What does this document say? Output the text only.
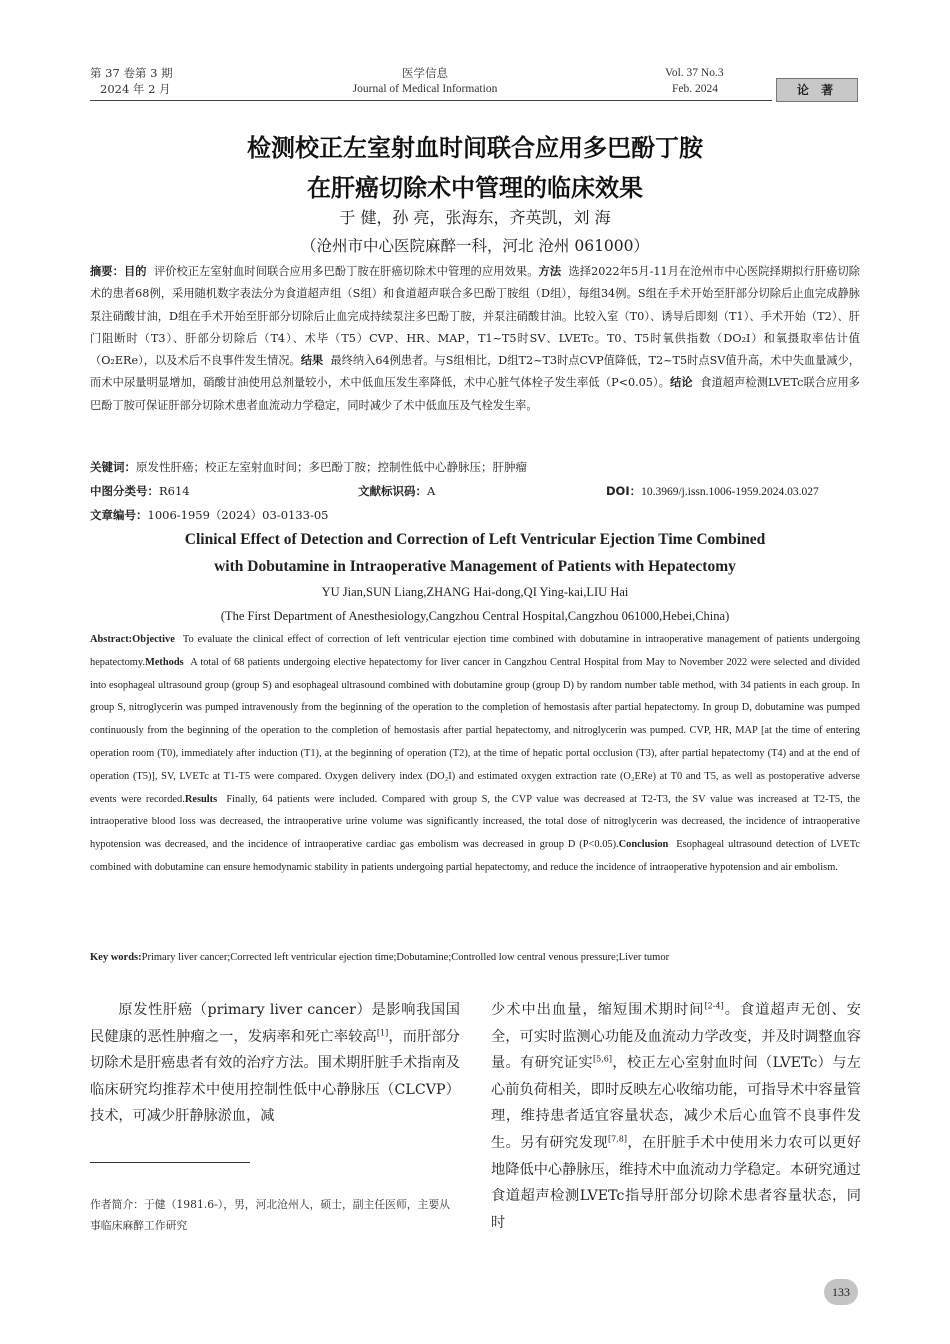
第 37 卷第 3 期
2024 年 2 月
医学信息
Journal of Medical Information
Vol. 37 No.3
Feb. 2024	论 著
检测校正左室射血时间联合应用多巴酚丁胺
在肝癌切除术中管理的临床效果
于 健，孙 亮，张海东，齐英凯，刘 海
（沧州市中心医院麻醉一科，河北 沧州 061000）

摘要：目的 评价校正左室射血时间联合应用多巴酚丁胺在肝癌切除术中管理的应用效果。方法 选择2022年5月-11月在沧州市中心医院择期拟行肝癌切除术的患者68例，采用随机数字表法分为食道超声组（S组）和食道超声联合多巴酚丁胺组（D组），每组34例。S组在手术开始至肝部分切除后止血完成静脉泵注硝酸甘油，D组在手术开始至肝部分切除后止血完成持续泵注多巴酚丁胺，并泵注硝酸甘油。比较入室（T0）、诱导后即刻（T1）、手术开始（T2）、肝门阻断时（T3）、肝部分切除后（T4）、术毕（T5）CVP、HR、MAP，T1~T5时SV、LVETc。T0、T5时氧供指数（DO₂I）和氧摄取率估计值（O₂ERe），以及术后不良事件发生情况。结果 最终纳入64例患者。与S组相比，D组T2~T3时点CVP值降低，T2~T5时点SV值升高，术中失血量减少，而术中尿量明显增加，硝酸甘油使用总剂量较小，术中低血压发生率降低，术中心脏气体栓子发生率低（P<0.05）。结论 食道超声检测LVETc联合应用多巴酚丁胺可保证肝部分切除术患者血流动力学稳定，同时减少了术中低血压及气栓发生率。

关键词：原发性肝癌；校正左室射血时间；多巴酚丁胺；控制性低中心静脉压；肝肿瘤
中图分类号：R614	文献标识码：A	DOI：10.3969/j.issn.1006-1959.2024.03.027
文章编号：1006-1959（2024）03-0133-05
Clinical Effect of Detection and Correction of Left Ventricular Ejection Time Combined
with Dobutamine in Intraoperative Management of Patients with Hepatectomy
YU Jian,SUN Liang,ZHANG Hai-dong,QI Ying-kai,LIU Hai
(The First Department of Anesthesiology,Cangzhou Central Hospital,Cangzhou 061000,Hebei,China)
Abstract:Objective To evaluate the clinical effect of correction of left ventricular ejection time combined with dobutamine in intraoperative management of patients undergoing hepatectomy.Methods A total of 68 patients undergoing elective hepatectomy for liver cancer in Cangzhou Central Hospital from May to November 2022 were selected and divided into esophageal ultrasound group (group S) and esophageal ultrasound combined with dobutamine group (group D) by random number table method, with 34 patients in each group. In group S, nitroglycerin was pumped intravenously from the beginning of the operation to the completion of hemostasis after partial hepatectomy. In group D, dobutamine was pumped continuously from the beginning of the operation to the completion of hemostasis after partial hepatectomy, and nitroglycerin was pumped. CVP, HR, MAP [at the time of entering operation room (T0), immediately after induction (T1), at the beginning of operation (T2), at the time of hepatic portal occlusion (T3), after partial hepatectomy (T4) and at the end of operation (T5)], SV, LVETc at T1-T5 were compared. Oxygen delivery index (DO₂I) and estimated oxygen extraction rate (O₂ERe) at T0 and T5, as well as postoperative adverse events were recorded.Results Finally, 64 patients were included. Compared with group S, the CVP value was decreased at T2-T3, the SV value was increased at T2-T5, the intraoperative blood loss was decreased, the intraoperative urine volume was significantly increased, the total dose of nitroglycerin was decreased, the incidence of intraoperative hypotension was decreased, and the incidence of intraoperative cardiac gas embolism was decreased in group D (P<0.05).Conclusion Esophageal ultrasound detection of LVETc combined with dobutamine can ensure hemodynamic stability in patients undergoing partial hepatectomy, and reduce the incidence of intraoperative hypotension and air embolism.
Key words:Primary liver cancer;Corrected left ventricular ejection time;Dobutamine;Controlled low central venous pressure;Liver tumor

原发性肝癌（primary liver cancer）是影响我国国民健康的恶性肿瘤之一，发病率和死亡率较高[1]，而肝部分切除术是肝癌患者有效的治疗方法。围术期肝脏手术指南及临床研究均推荐术中使用控制性低中心静脉压（CLCVP）技术，可减少肝静脉淤血，减

少术中出血量，缩短围术期时间[2-4]。食道超声无创、安全，可实时监测心功能及血流动力学改变，并及时调整血容量。有研究证实[5,6]，校正左心室射血时间（LVETc）与左心前负荷相关，即时反映左心收缩功能，可指导术中容量管理，维持患者适宜容量状态，减少术后心血管不良事件发生。另有研究发现[7,8]，在肝脏手术中使用米力农可以更好地降低中心静脉压，维持术中血流动力学稳定。本研究通过食道超声检测LVETc指导肝部分切除术患者容量状态，同时

作者简介：于健（1981.6-），男，河北沧州人，硕士，副主任医师，主要从事临床麻醉工作研究
133
